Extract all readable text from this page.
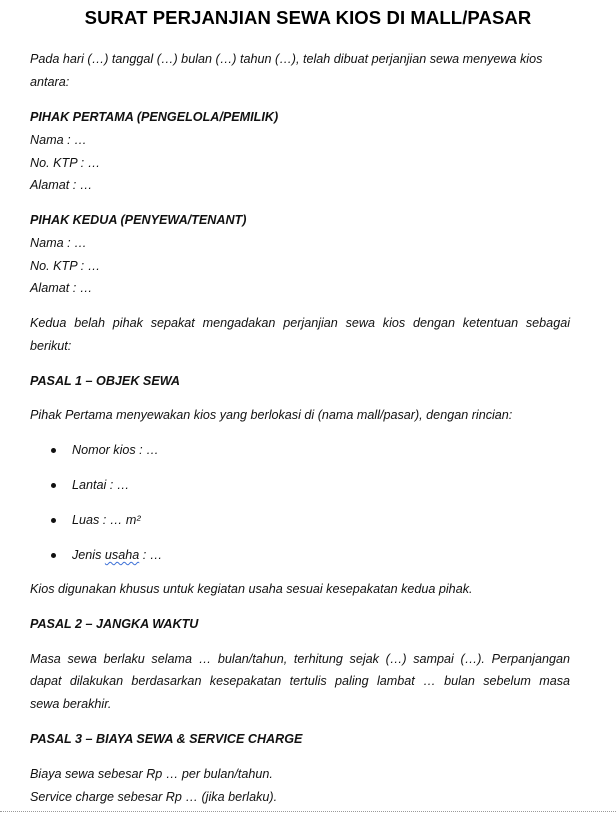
SURAT PERJANJIAN SEWA KIOS DI MALL/PASAR
Pada hari (…) tanggal (…) bulan (…) tahun (…), telah dibuat perjanjian sewa menyewa kios
antara:
PIHAK PERTAMA (PENGELOLA/PEMILIK)
Nama : …
No. KTP : …
Alamat : …
PIHAK KEDUA (PENYEWA/TENANT)
Nama : …
No. KTP : …
Alamat : …
Kedua belah pihak sepakat mengadakan perjanjian sewa kios dengan ketentuan sebagai
berikut:
PASAL 1 – OBJEK SEWA
Pihak Pertama menyewakan kios yang berlokasi di (nama mall/pasar), dengan rincian:
Nomor kios : …
Lantai : …
Luas : … m²
Jenis usaha : …
Kios digunakan khusus untuk kegiatan usaha sesuai kesepakatan kedua pihak.
PASAL 2 – JANGKA WAKTU
Masa sewa berlaku selama … bulan/tahun, terhitung sejak (…) sampai (…). Perpanjangan
dapat dilakukan berdasarkan kesepakatan tertulis paling lambat … bulan sebelum masa
sewa berakhir.
PASAL 3 – BIAYA SEWA & SERVICE CHARGE
Biaya sewa sebesar Rp … per bulan/tahun.
Service charge sebesar Rp … (jika berlaku).
